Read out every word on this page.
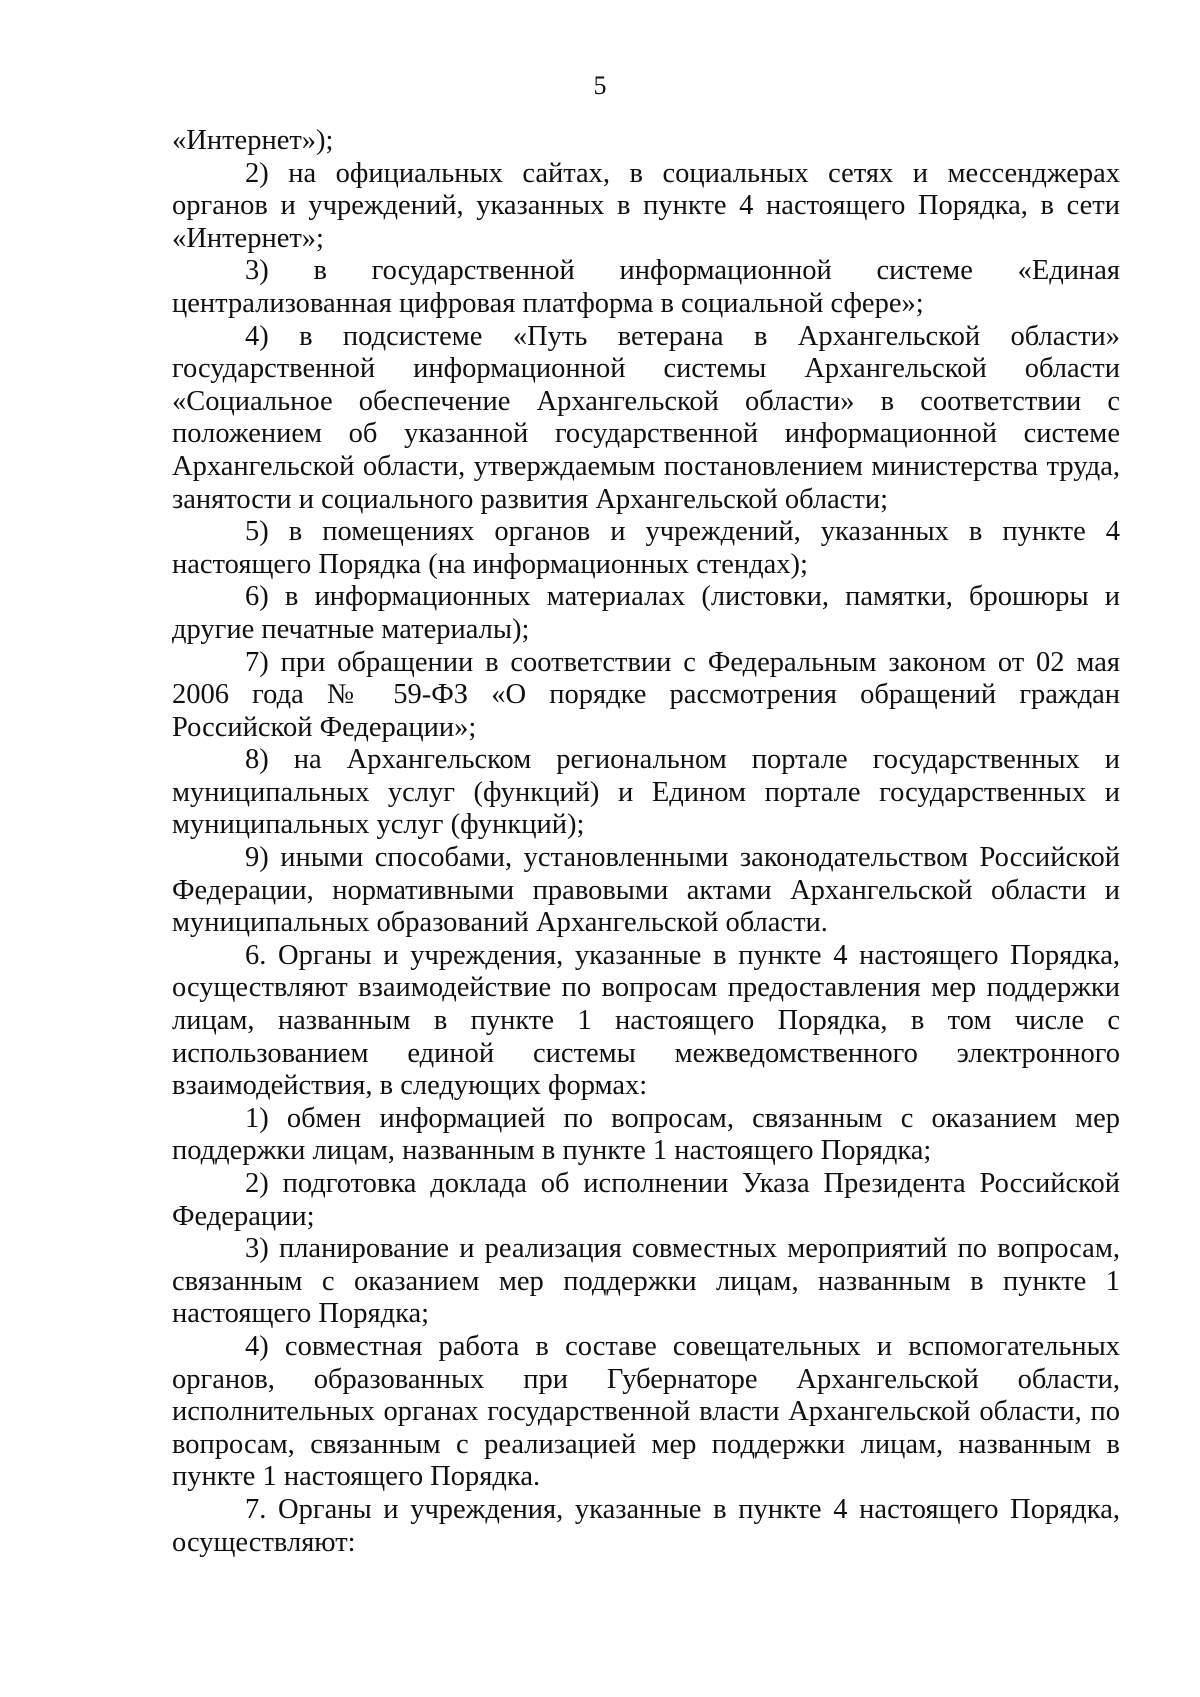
5

«Интернет»);

2) на официальных сайтах, в социальных сетях и мессенджерах органов и учреждений, указанных в пункте 4 настоящего Порядка, в сети «Интернет»;

3) в государственной информационной системе «Единая централизованная цифровая платформа в социальной сфере»;

4) в подсистеме «Путь ветерана в Архангельской области» государственной информационной системы Архангельской области «Социальное обеспечение Архангельской области» в соответствии с положением об указанной государственной информационной системе Архангельской области, утверждаемым постановлением министерства труда, занятости и социального развития Архангельской области;

5) в помещениях органов и учреждений, указанных в пункте 4 настоящего Порядка (на информационных стендах);

6) в информационных материалах (листовки, памятки, брошюры и другие печатные материалы);

7) при обращении в соответствии с Федеральным законом от 02 мая 2006 года № 59-ФЗ «О порядке рассмотрения обращений граждан Российской Федерации»;

8) на Архангельском региональном портале государственных и муниципальных услуг (функций) и Едином портале государственных и муниципальных услуг (функций);

9) иными способами, установленными законодательством Российской Федерации, нормативными правовыми актами Архангельской области и муниципальных образований Архангельской области.

6. Органы и учреждения, указанные в пункте 4 настоящего Порядка, осуществляют взаимодействие по вопросам предоставления мер поддержки лицам, названным в пункте 1 настоящего Порядка, в том числе с использованием единой системы межведомственного электронного взаимодействия, в следующих формах:

1) обмен информацией по вопросам, связанным с оказанием мер поддержки лицам, названным в пункте 1 настоящего Порядка;

2) подготовка доклада об исполнении Указа Президента Российской Федерации;

3) планирование и реализация совместных мероприятий по вопросам, связанным с оказанием мер поддержки лицам, названным в пункте 1 настоящего Порядка;

4) совместная работа в составе совещательных и вспомогательных органов, образованных при Губернаторе Архангельской области, исполнительных органах государственной власти Архангельской области, по вопросам, связанным с реализацией мер поддержки лицам, названным в пункте 1 настоящего Порядка.

7. Органы и учреждения, указанные в пункте 4 настоящего Порядка, осуществляют:
